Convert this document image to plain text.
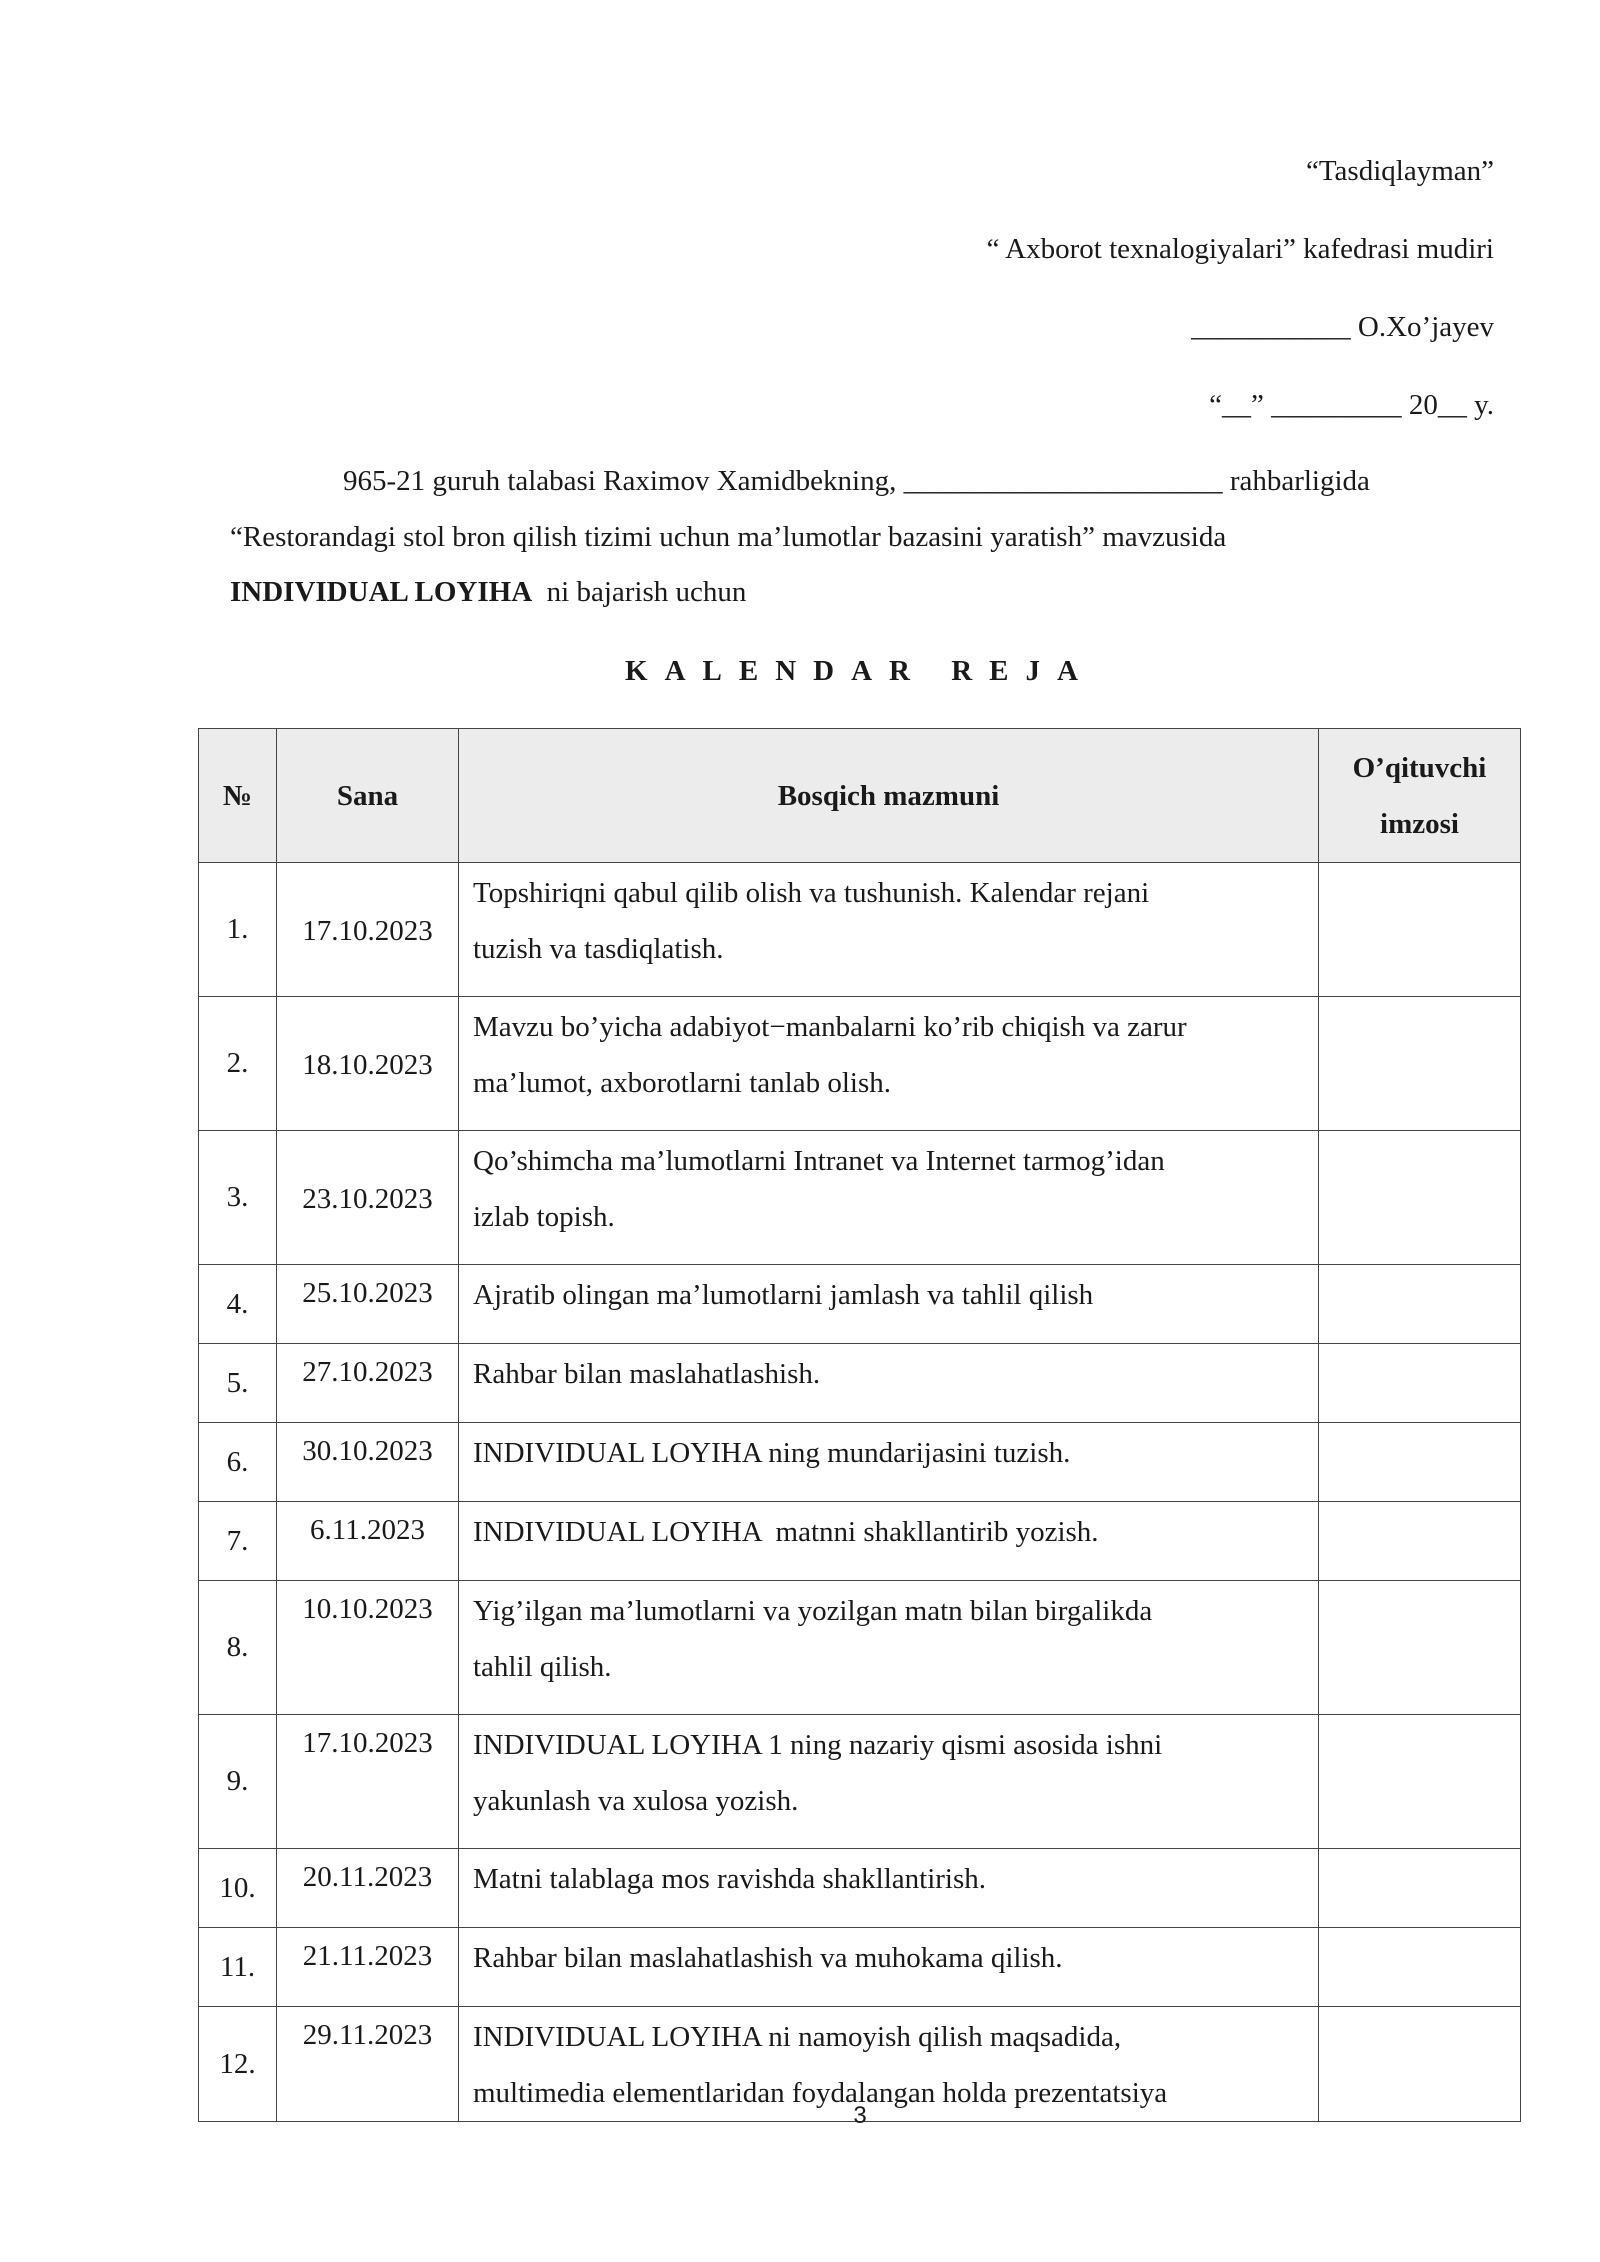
“Tasdiqlayman”
“ Axborot texnalogiyalari” kafedrasi mudiri
___________ O.Xo’jayev
“__” _________ 20__ y.
965-21 guruh talabasi Raximov Xamidbekning, ______________________ rahbarligida
“Restorandagi stol bron qilish tizimi uchun ma’lumotlar bazasini yaratish” mavzusida
INDIVIDUAL LOYIHA  ni bajarish uchun
KALENDAR REJA
№	Sana	Bosqich mazmuni	O’qituvchi
imzosi

1.	17.10.2023	Topshiriqni qabul qilib olish va tushunish. Kalendar rejani
tuzish va tasdiqlatish.	

2.	18.10.2023	Mavzu bo’yicha adabiyot−manbalarni ko’rib chiqish va zarur
ma’lumot, axborotlarni tanlab olish.	

3.	23.10.2023	Qo’shimcha ma’lumotlarni Intranet va Internet tarmog’idan
izlab topish.	

4.	25.10.2023	Ajratib olingan ma’lumotlarni jamlash va tahlil qilish	

5.	27.10.2023	Rahbar bilan maslahatlashish.	

6.	30.10.2023	INDIVIDUAL LOYIHA ning mundarijasini tuzish.	

7.	6.11.2023	INDIVIDUAL LOYIHA  matnni shakllantirib yozish.	

8.	10.10.2023	Yig’ilgan ma’lumotlarni va yozilgan matn bilan birgalikda
tahlil qilish.	

9.	17.10.2023	INDIVIDUAL LOYIHA 1 ning nazariy qismi asosida ishni
yakunlash va xulosa yozish.	

10.	20.11.2023	Matni talablaga mos ravishda shakllantirish.	

11.	21.11.2023	Rahbar bilan maslahatlashish va muhokama qilish.	

12.	29.11.2023	INDIVIDUAL LOYIHA ni namoyish qilish maqsadida,
multimedia elementlaridan foydalangan holda prezentatsiya	

3
